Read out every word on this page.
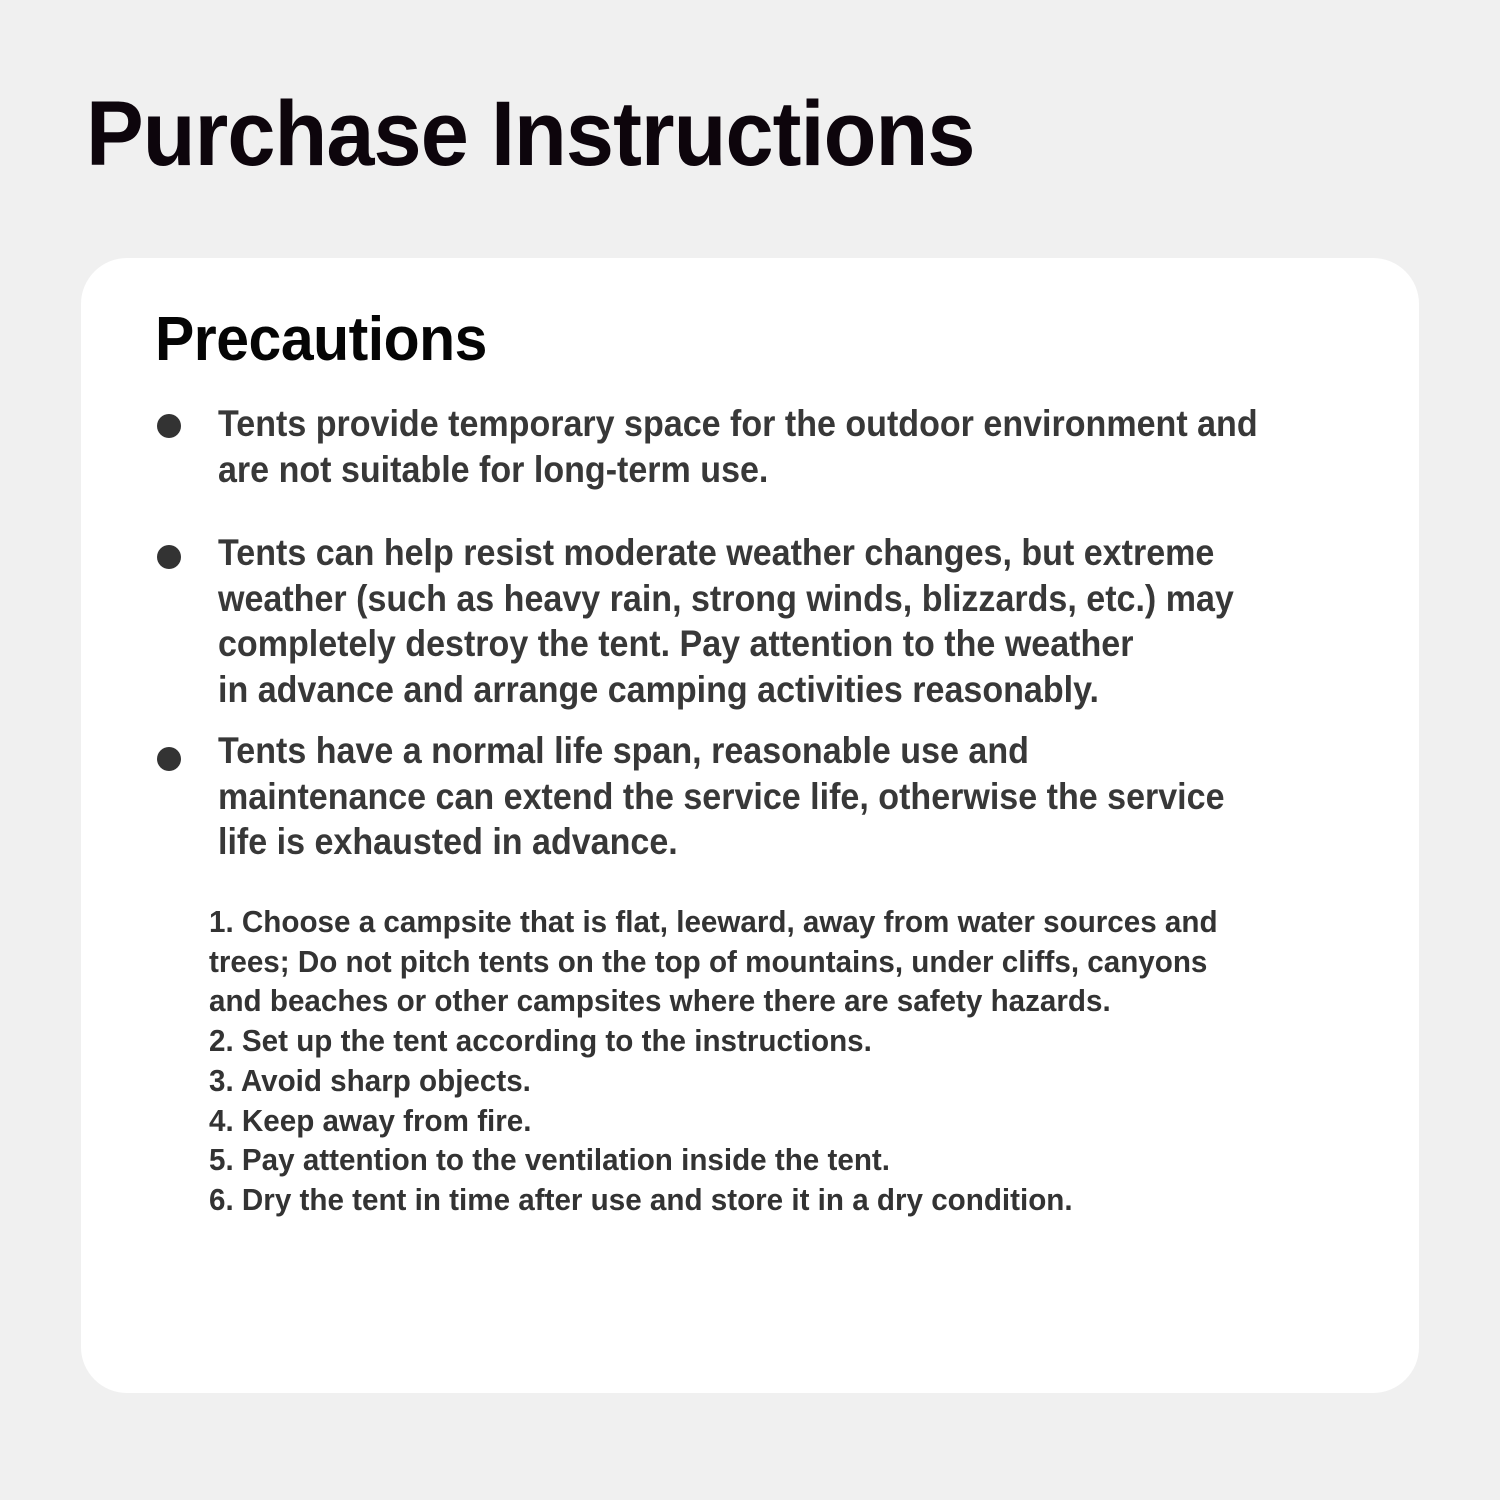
Purchase Instructions
Precautions
Tents provide temporary space for the outdoor environment and
are not suitable for long-term use.
Tents can help resist moderate weather changes, but extreme
weather (such as heavy rain, strong winds, blizzards, etc.) may
completely destroy the tent. Pay attention to the weather
in advance and arrange camping activities reasonably.
Tents have a normal life span, reasonable use and
maintenance can extend the service life, otherwise the service
life is exhausted in advance.
1. Choose a campsite that is flat, leeward, away from water sources and
trees; Do not pitch tents on the top of mountains, under cliffs, canyons
and beaches or other campsites where there are safety hazards.
2. Set up the tent according to the instructions.
3. Avoid sharp objects.
4. Keep away from fire.
5. Pay attention to the ventilation inside the tent.
6. Dry the tent in time after use and store it in a dry condition.
